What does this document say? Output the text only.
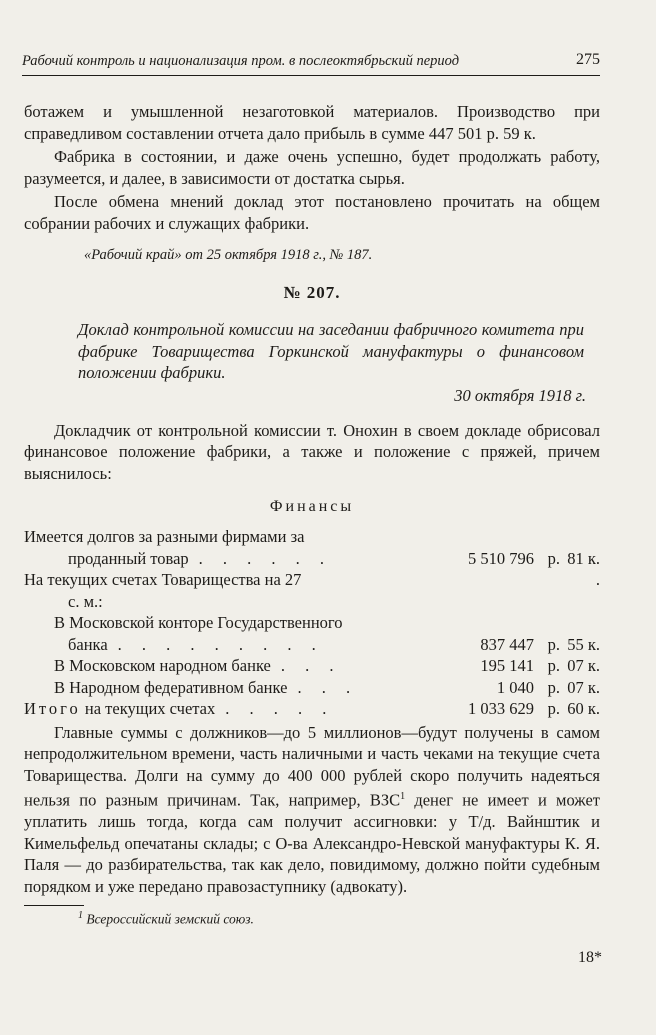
Рабочий контроль и национализация пром. в послеоктябрьский период	275

ботажем и умышленной незаготовкой материалов. Производство при справедливом составлении отчета дало прибыль в сумме 447 501 р. 59 к.

Фабрика в состоянии, и даже очень успешно, будет продолжать работу, разумеется, и далее, в зависимости от достатка сырья.

После обмена мнений доклад этот постановлено прочитать на общем собрании рабочих и служащих фабрики.

«Рабочий край» от 25 октября 1918 г., № 187.

№ 207.

Доклад контрольной комиссии на заседании фабричного комитета при фабрике Товарищества Горкинской мануфактуры о финансовом положении фабрики.

30 октября 1918 г.

Докладчик от контрольной комиссии т. Онохин в своем докладе обрисовал финансовое положение фабрики, а также и положение с пряжей, причем выяснилось:

Финансы

Имеется долгов за разными фирмами за
проданный товар . . . . . .	5 510 796 р. 81 к.
На текущих счетах Товарищества на 27	.
с. м.:
В Московской конторе Государственного
банка . . . . . . . . .	837 447 р. 55 к.
В Московском народном банке . . .	195 141 р. 07 к.
В Народном федеративном банке . . .	1 040 р. 07 к.
Итого на текущих счетах . . . . .	1 033 629 р. 60 к.

Главные суммы с должников—до 5 миллионов—будут получены в самом непродолжительном времени, часть наличными и часть чеками на текущие счета Товарищества. Долги на сумму до 400 000 рублей скоро получить надеяться нельзя по разным причинам. Так, например, ВЗС$^1$ денег не имеет и может уплатить лишь тогда, когда сам получит ассигновки: у Т/д. Вайнштик и Кимельфельд опечатаны склады; с О-ва Александро-Невской мануфактуры К. Я. Паля — до разбирательства, так как дело, повидимому, должно пойти судебным порядком и уже передано правозаступнику (адвокату).

$^1$ Всероссийский земский союз.

18*
